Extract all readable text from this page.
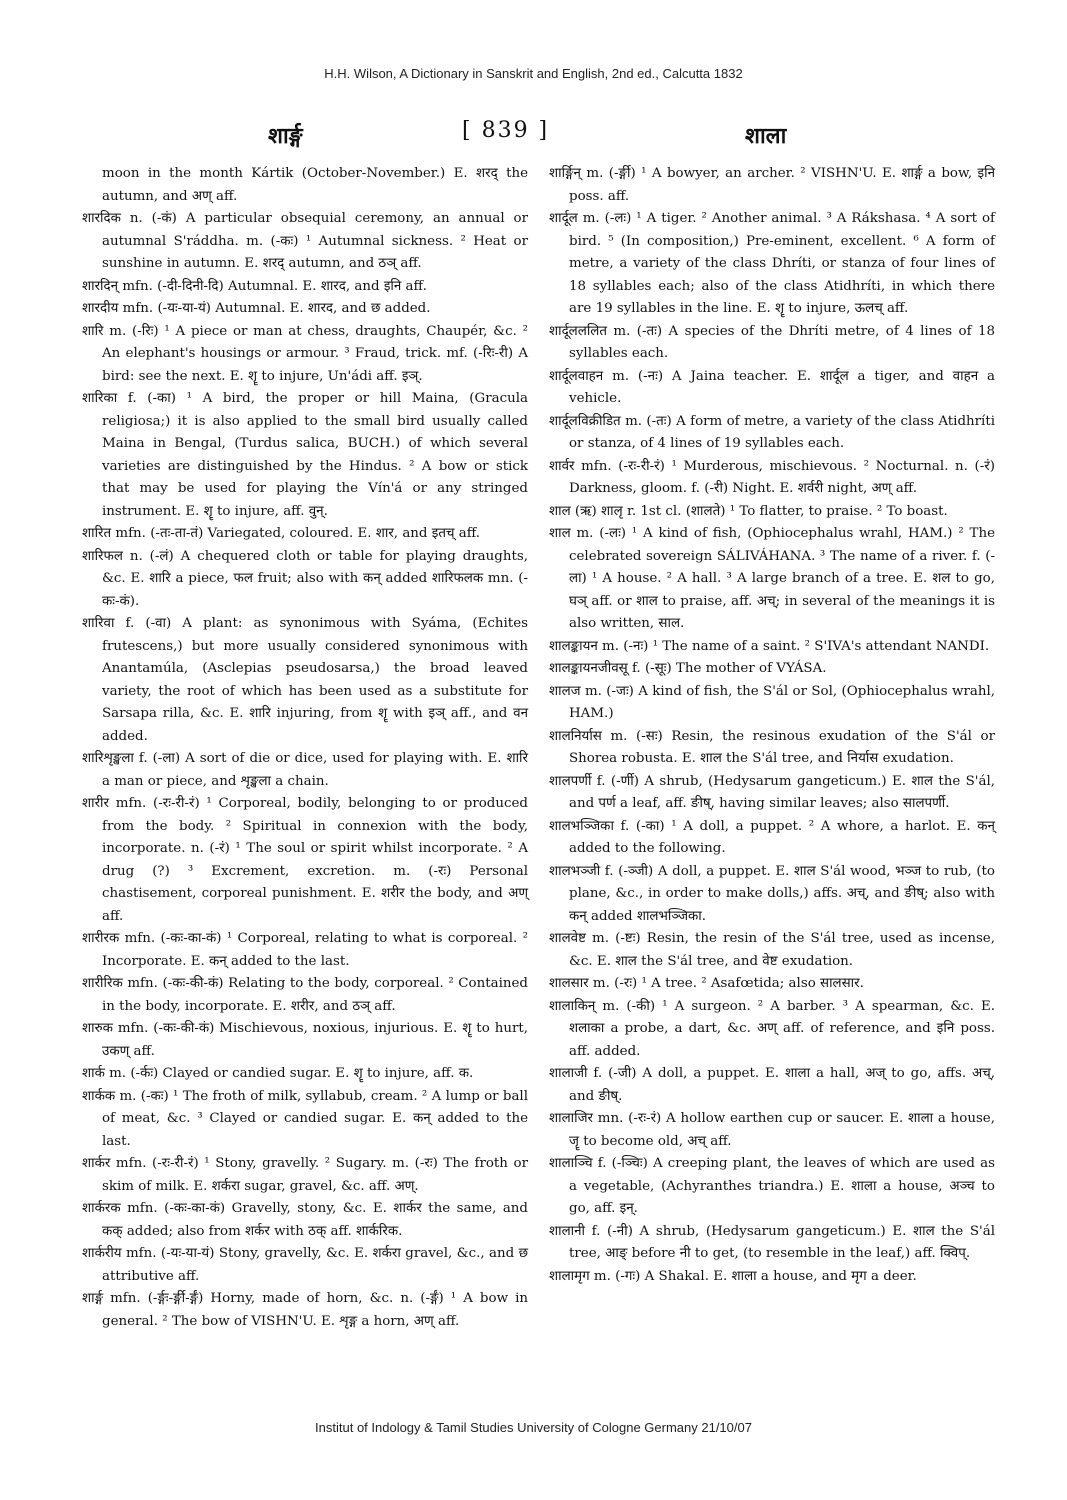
H.H. Wilson, A Dictionary in Sanskrit and English, 2nd ed., Calcutta 1832
शार्ङ्ग	[ 839 ]	शाला

moon in the month Kártik (October-November.) E. शरद् the autumn, and अण् aff.

शारदिक n. (-कं) A particular obsequial ceremony, an annual or autumnal S'ráddha. m. (-कः) ¹ Autumnal sickness. ² Heat or sunshine in autumn. E. शरद् autumn, and ठञ् aff.

शारदिन् mfn. (-दी-दिनी-दि) Autumnal. E. शारद, and इनि aff.

शारदीय mfn. (-यः-या-यं) Autumnal. E. शारद, and छ added.

शारि m. (-रिः) ¹ A piece or man at chess, draughts, Chaupér, &c. ² An elephant's housings or armour. ³ Fraud, trick. mf. (-रिः-री) A bird: see the next. E. शॄ to injure, Un'ádi aff. इञ्.

शारिका f. (-का) ¹ A bird, the proper or hill Maina, (Gracula religiosa;) it is also applied to the small bird usually called Maina in Bengal, (Turdus salica, BUCH.) of which several varieties are distinguished by the Hindus. ² A bow or stick that may be used for playing the Vín'á or any stringed instrument. E. शॄ to injure, aff. वुन्.

शारित mfn. (-तः-ता-तं) Variegated, coloured. E. शार, and इतच् aff.

शारिफल n. (-लं) A chequered cloth or table for playing draughts, &c. E. शारि a piece, फल fruit; also with कन् added शारिफलक mn. (-कः-कं).

शारिवा f. (-वा) A plant: as synonimous with Syáma, (Echites frutescens,) but more usually considered synonimous with Anantamúla, (Asclepias pseudosarsa,) the broad leaved variety, the root of which has been used as a substitute for Sarsapa rilla, &c. E. शारि injuring, from शॄ with इञ् aff., and वन added.

शारिशृङ्खला f. (-ला) A sort of die or dice, used for playing with. E. शारि a man or piece, and शृङ्खला a chain.

शारीर mfn. (-रः-री-रं) ¹ Corporeal, bodily, belonging to or produced from the body. ² Spiritual in connexion with the body, incorporate. n. (-रं) ¹ The soul or spirit whilst incorporate. ² A drug (?) ³ Excrement, excretion. m. (-रः) Personal chastisement, corporeal punishment. E. शरीर the body, and अण् aff.

शारीरक mfn. (-कः-का-कं) ¹ Corporeal, relating to what is corporeal. ² Incorporate. E. कन् added to the last.

शारीरिक mfn. (-कः-की-कं) Relating to the body, corporeal. ² Contained in the body, incorporate. E. शरीर, and ठञ् aff.

शारुक mfn. (-कः-की-कं) Mischievous, noxious, injurious. E. शॄ to hurt, उकण् aff.

शार्क m. (-र्कः) Clayed or candied sugar. E. शॄ to injure, aff. क.

शार्कक m. (-कः) ¹ The froth of milk, syllabub, cream. ² A lump or ball of meat, &c. ³ Clayed or candied sugar. E. कन् added to the last.

शार्कर mfn. (-रः-री-रं) ¹ Stony, gravelly. ² Sugary. m. (-रः) The froth or skim of milk. E. शर्करा sugar, gravel, &c. aff. अण्.

शार्करक mfn. (-कः-का-कं) Gravelly, stony, &c. E. शार्कर the same, and कक् added; also from शर्कर with ठक् aff. शार्करिक.

शार्करीय mfn. (-यः-या-यं) Stony, gravelly, &c. E. शर्करा gravel, &c., and छ attributive aff.

शार्ङ्ग mfn. (-र्ङ्गः-र्ङ्गी-र्ङ्गं) Horny, made of horn, &c. n. (-र्ङ्गं) ¹ A bow in general. ² The bow of VISHN'U. E. शृङ्ग a horn, अण् aff.

शार्ङ्गिन् m. (-र्ङ्गी) ¹ A bowyer, an archer. ² VISHN'U. E. शार्ङ्ग a bow, इनि poss. aff.

शार्दूल m. (-लः) ¹ A tiger. ² Another animal. ³ A Rákshasa. ⁴ A sort of bird. ⁵ (In composition,) Pre-eminent, excellent. ⁶ A form of metre, a variety of the class Dhríti, or stanza of four lines of 18 syllables each; also of the class Atidhríti, in which there are 19 syllables in the line. E. शॄ to injure, ऊलच् aff.

शार्दूलललित m. (-तः) A species of the Dhríti metre, of 4 lines of 18 syllables each.

शार्दूलवाहन m. (-नः) A Jaina teacher. E. शार्दूल a tiger, and वाहन a vehicle.

शार्दूलविक्रीडित m. (-तः) A form of metre, a variety of the class Atidhríti or stanza, of 4 lines of 19 syllables each.

शार्वर mfn. (-रः-री-रं) ¹ Murderous, mischievous. ² Nocturnal. n. (-रं) Darkness, gloom. f. (-री) Night. E. शर्वरी night, अण् aff.

शाल (ऋ) शालृ r. 1st cl. (शालते) ¹ To flatter, to praise. ² To boast.

शाल m. (-लः) ¹ A kind of fish, (Ophiocephalus wrahl, HAM.) ² The celebrated sovereign SÁLIVÁHANA. ³ The name of a river. f. (-ला) ¹ A house. ² A hall. ³ A large branch of a tree. E. शल to go, घञ् aff. or शाल to praise, aff. अच्; in several of the meanings it is also written, साल.

शालङ्कायन m. (-नः) ¹ The name of a saint. ² S'IVA's attendant NANDI.

शालङ्कायनजीवसू f. (-सूः) The mother of VYÁSA.

शालज m. (-जः) A kind of fish, the S'ál or Sol, (Ophiocephalus wrahl, HAM.)

शालनिर्यास m. (-सः) Resin, the resinous exudation of the S'ál or Shorea robusta. E. शाल the S'ál tree, and निर्यास exudation.

शालपर्णी f. (-र्णी) A shrub, (Hedysarum gangeticum.) E. शाल the S'ál, and पर्ण a leaf, aff. ङीष्, having similar leaves; also सालपर्णी.

शालभञ्जिका f. (-का) ¹ A doll, a puppet. ² A whore, a harlot. E. कन् added to the following.

शालभञ्जी f. (-ञ्जी) A doll, a puppet. E. शाल S'ál wood, भञ्ज to rub, (to plane, &c., in order to make dolls,) affs. अच्, and ङीष्; also with कन् added शालभञ्जिका.

शालवेष्ट m. (-ष्टः) Resin, the resin of the S'ál tree, used as incense, &c. E. शाल the S'ál tree, and वेष्ट exudation.

शालसार m. (-रः) ¹ A tree. ² Asafœtida; also सालसार.

शालाकिन् m. (-की) ¹ A surgeon. ² A barber. ³ A spearman, &c. E. शलाका a probe, a dart, &c. अण् aff. of reference, and इनि poss. aff. added.

शालाजी f. (-जी) A doll, a puppet. E. शाला a hall, अज् to go, affs. अच्, and ङीष्.

शालाजिर mn. (-रः-रं) A hollow earthen cup or saucer. E. शाला a house, जॄ to become old, अच् aff.

शालाञ्चि f. (-ञ्चिः) A creeping plant, the leaves of which are used as a vegetable, (Achyranthes triandra.) E. शाला a house, अञ्च to go, aff. इन्.

शालानी f. (-नी) A shrub, (Hedysarum gangeticum.) E. शाल the S'ál tree, आङ् before नी to get, (to resemble in the leaf,) aff. क्विप्.

शालामृग m. (-गः) A Shakal. E. शाला a house, and मृग a deer.

Institut of Indology & Tamil Studies University of Cologne Germany 21/10/07
